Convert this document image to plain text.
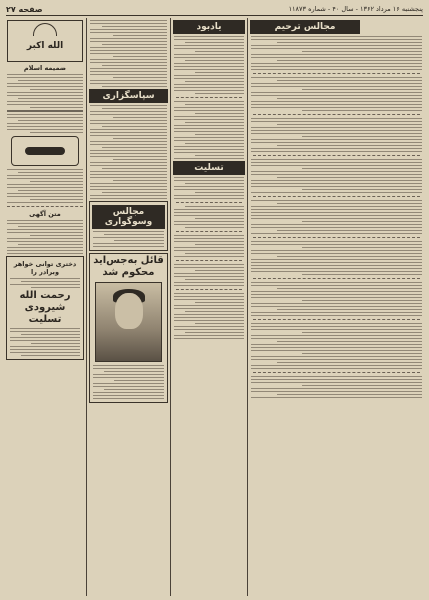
صفحه ۲۷	پنجشنبه ۱۶ مرداد ۱۳۶۲ - سال ۴۰ - شماره ۱۱۸۷۳
الله اکبر
ضمیمه اسلام
متن آگهی
دختری توانی خواهر وبرادر را
رحمت الله
شیرودی
تسلیت
سپاسگزاری
مجالس وسوگواری
قائل به‌جس‌اید
محکوم شد
یادبود
تسلیت
مجالس ترحیم
